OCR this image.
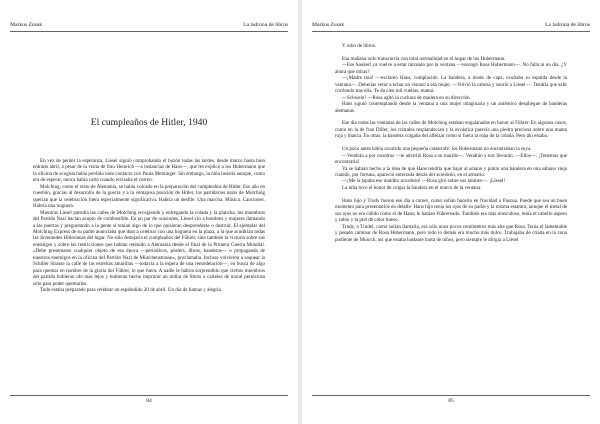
Markus Zusak	La ladrona de libros
El cumpleaños de Hitler, 1940

En vez de perder la esperanza, Liesel siguió comprobando el buzón todas las tardes, desde marzo hasta bien entrado abril, a pesar de la visita de frau Heinrich —a instancias de Hans—, que les explicó a los Hubermann que la oficina de acogida había perdido todo contacto con Paula Meminger. Sin embargo, la niña insistía aunque, como era de esperar, nunca había carta cuando revisaba el correo.

Molching, como el resto de Alemania, se había volcado en la preparación del cumpleaños de Hitler. Ese año en cuestión, gracias al desarrollo de la guerra y a la ventajosa posición de Hitler, los partidarios nazis de Molching querían que la celebración fuera especialmente significativa. Habría un desfile. Una marcha. Música. Canciones. Habría una hoguera.

Mientras Liesel patrulla las calles de Molching recogiendo y entregando la colada y la plancha, los miembros del Partido Nazi hacían acopio de combustible. En un par de ocasiones, Liesel vio a hombres y mujeres llamando a las puertas y preguntando a la gente si tenían algo de lo que quisieran desprenderse o destruir. El ejemplar del Molching Express de su padre anunciaba que iban a celebrar con una hoguera en la plaza, a la que acudirían todas las Juventudes Hitlerianas del lugar. No sólo festejaría el cumpleaños del Führer, sino también la victoria sobre sus enemigos y sobre las restricciones que habían retenido a Alemania desde el final de la Primera Guerra Mundial. «Debe presentarse cualquier objeto de esa época —periódicos, pósters, libros, banderas— o propaganda de nuestros enemigos en la oficina del Partido Nazi de Münchenstrasse», proclamaba. Incluso volvieron a saquear la Schiller Strasse la calle de las estrellas amarillas —todavía a la espera de una remodelación—, en busca de algo para quemar en nombre de la gloria del Führer, lo que fuera. A nadie le habría sorprendido que ciertos miembros del partido hubieran ido más lejos y hubieran hecho imprimir un millar de libros o carteles de moral perniciosa sólo para poder quemarlos.

Todo estaba preparado para celebrar un espléndido 20 de abril. Un día de llamas y alegría.

84
Markus Zusak	La ladrona de libros

Y robo de libros.

Esa mañana todo transcurría con total normalidad en el hogar de los Hubermann.

—Ese Saukerl ya vuelve a estar mirando por la ventana —rezongó Rosa Hubermann—. No falla ni un día. ¿Y ahora qué miras?

—¡Madre mía! —exclamó Hans, complacido. La bandera, a modo de capa, ocultaba su espalda desde la ventana—. Deberías venir a echar un vistazo a esa mujer. —Volvió la cabeza y sonrió a Liesel—. Tendría que salir corriendo tras ella. Te da cien mil vueltas, mamá.

—Schwein! —Rosa agitó la cuchara de madera en su dirección.

Hans siguió contemplando desde la ventana a una mujer imaginaria y un auténtico despliegue de banderas alemanas.

Ese día todas las ventanas de las calles de Molching estaban engalanadas en honor al Führer. En algunos casos, como en la de frau Diller, los cristales resplandecían y la esvástica parecía una piedra preciosa sobre una manta roja y blanca. En otras, la bandera colgaba del alféizar como si fuera la ropa de la colada. Pero ahí estaba.

Un poco antes había ocurrido una pequeña catástrofe: los Hubermann no encontraban la suya.

—Vendrán a por nosotros —le advirtió Rosa a su marido—. Vendrán y nos llevarán. —Ellos—. ¡Tenemos que encontrarla!

Ya se habían hecho a la idea de que Hans tendría que bajar al sótano y pintar una bandera en una sábana vieja cuando, por fortuna, apareció enterrada detrás del acordeón, en el armario.

—¡Me la tapaba ese maldito acordeón! —Rosa giró sobre sus talones—. ¡Liesel!

La niña tuvo el honor de colgar la bandera en el marco de la ventana.

Hans hijo y Trudy fueron ese día a comer, como solían hacerlo en Navidad o Pascua. Puede que sea un buen momento para presentarlos en detalle: Hans hijo tenía los ojos de su padre y la misma estatura, aunque el metal de sus ojos no era cálido como el de Hans; le habían Führereado. También era más musculoso, tenía el cabello áspero y rubio y la piel de color hueso.

Trudy, o Trudel, como solían llamarla, era sólo unos pocos centímetros más alta que Rosa. Tenía el lamentable y pesado caminar de Rosa Hubermann, pero todo lo demás era mucho más dulce. Trabajaba de criada en la zona pudiente de Munich, así que estaba bastante harta de niños, pero siempre le dirigía a Liesel

85
